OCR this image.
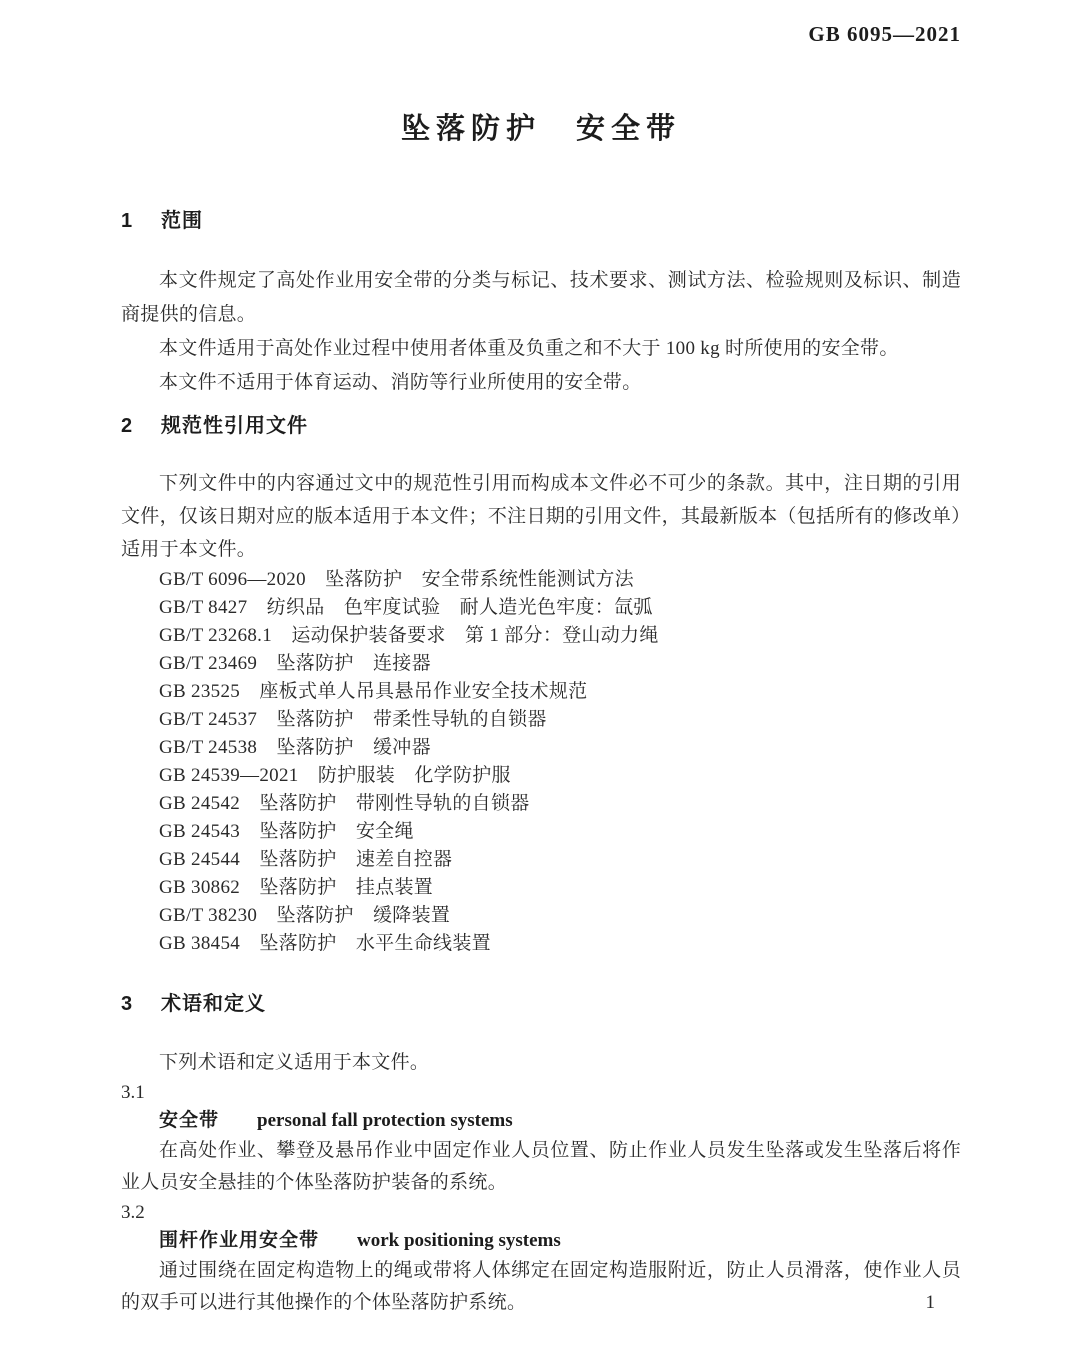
GB 6095—2021
坠落防护　安全带
1 范围

本文件规定了高处作业用安全带的分类与标记、技术要求、测试方法、检验规则及标识、制造商提供的信息。

本文件适用于高处作业过程中使用者体重及负重之和不大于 100 kg 时所使用的安全带。

本文件不适用于体育运动、消防等行业所使用的安全带。

2 规范性引用文件

下列文件中的内容通过文中的规范性引用而构成本文件必不可少的条款。其中，注日期的引用文件，仅该日期对应的版本适用于本文件；不注日期的引用文件，其最新版本（包括所有的修改单）适用于本文件。

GB/T 6096—2020　坠落防护　安全带系统性能测试方法

GB/T 8427　纺织品　色牢度试验　耐人造光色牢度：氙弧

GB/T 23268.1　运动保护装备要求　第 1 部分：登山动力绳

GB/T 23469　坠落防护　连接器

GB 23525　座板式单人吊具悬吊作业安全技术规范

GB/T 24537　坠落防护　带柔性导轨的自锁器

GB/T 24538　坠落防护　缓冲器

GB 24539—2021　防护服装　化学防护服

GB 24542　坠落防护　带刚性导轨的自锁器

GB 24543　坠落防护　安全绳

GB 24544　坠落防护　速差自控器

GB 30862　坠落防护　挂点装置

GB/T 38230　坠落防护　缓降装置

GB 38454　坠落防护　水平生命线装置

3 术语和定义

下列术语和定义适用于本文件。

3.1

安全带 personal fall protection systems

在高处作业、攀登及悬吊作业中固定作业人员位置、防止作业人员发生坠落或发生坠落后将作业人员安全悬挂的个体坠落防护装备的系统。

3.2

围杆作业用安全带 work positioning systems

通过围绕在固定构造物上的绳或带将人体绑定在固定构造服附近，防止人员滑落，使作业人员的双手可以进行其他操作的个体坠落防护系统。	1
